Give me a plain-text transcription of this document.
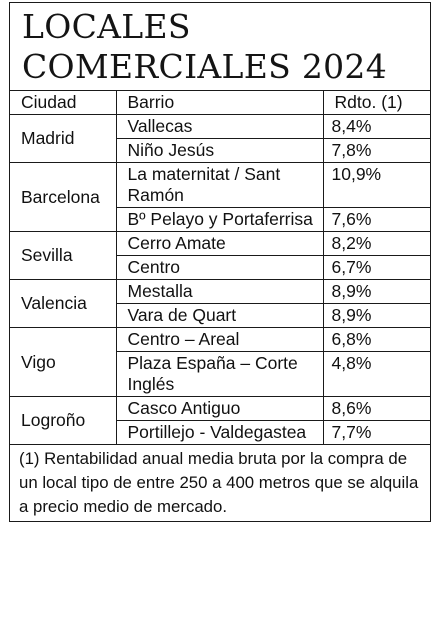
LOCALES
COMERCIALES 2024
Ciudad	Barrio	Rdto. (1)
Madrid	Vallecas	8,4%
	Niño Jesús	7,8%
Barcelona	La maternitat / Sant Ramón	10,9%
	Bº Pelayo y Portaferrisa	7,6%
Sevilla	Cerro Amate	8,2%
	Centro	6,7%
Valencia	Mestalla	8,9%
	Vara de Quart	8,9%
Vigo	Centro – Areal	6,8%
	Plaza España – Corte Inglés	4,8%
Logroño	Casco Antiguo	8,6%
	Portillejo - Valdegastea	7,7%
(1) Rentabilidad anual media bruta por la compra de un local tipo de entre 250 a 400 metros que se alquila a precio medio de mercado.
